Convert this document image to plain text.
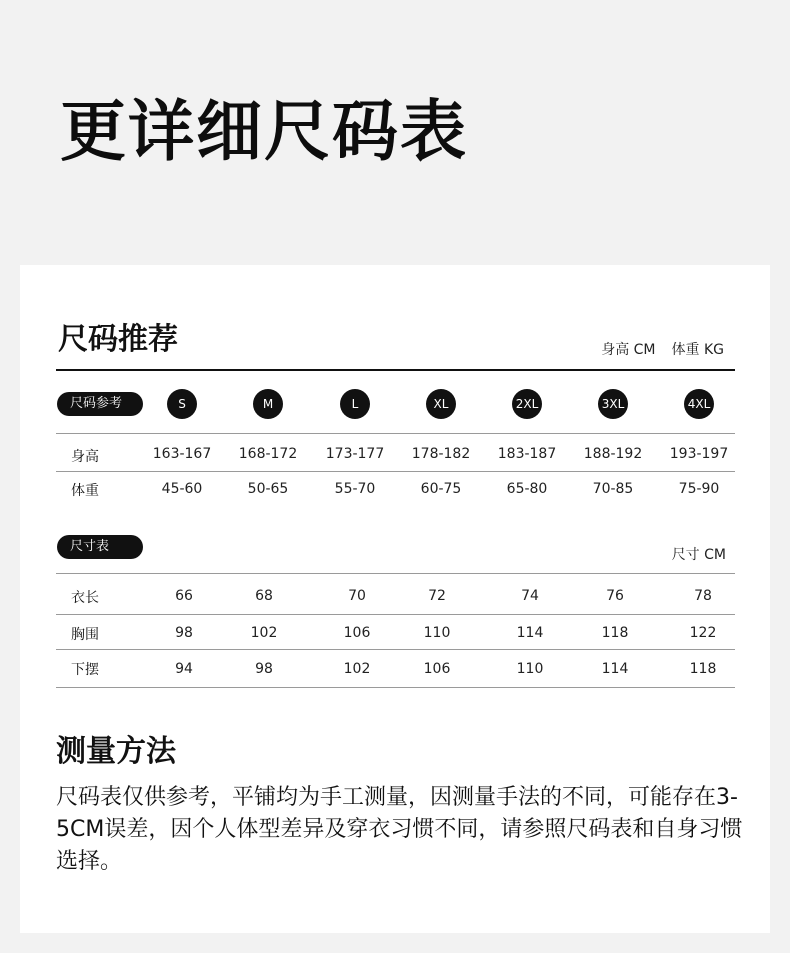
更详细尺码表
尺码推荐	身高 CM 体重 KG
尺码参考	S	M	L	XL	2XL	3XL	4XL
身高	163-167	168-172	173-177	178-182	183-187	188-192	193-197
体重	45-60	50-65	55-70	60-75	65-80	70-85	75-90
尺寸表
尺寸 CM
衣长	66	68	70	72	74	76	78
胸围	98	102	106	110	114	118	122
下摆	94	98	102	106	110	114	118
测量方法
尺码表仅供参考，平铺均为手工测量，因测量手法的不同，可能存在3-5CM误差，因个人体型差异及穿衣习惯不同，请参照尺码表和自身习惯选择。
